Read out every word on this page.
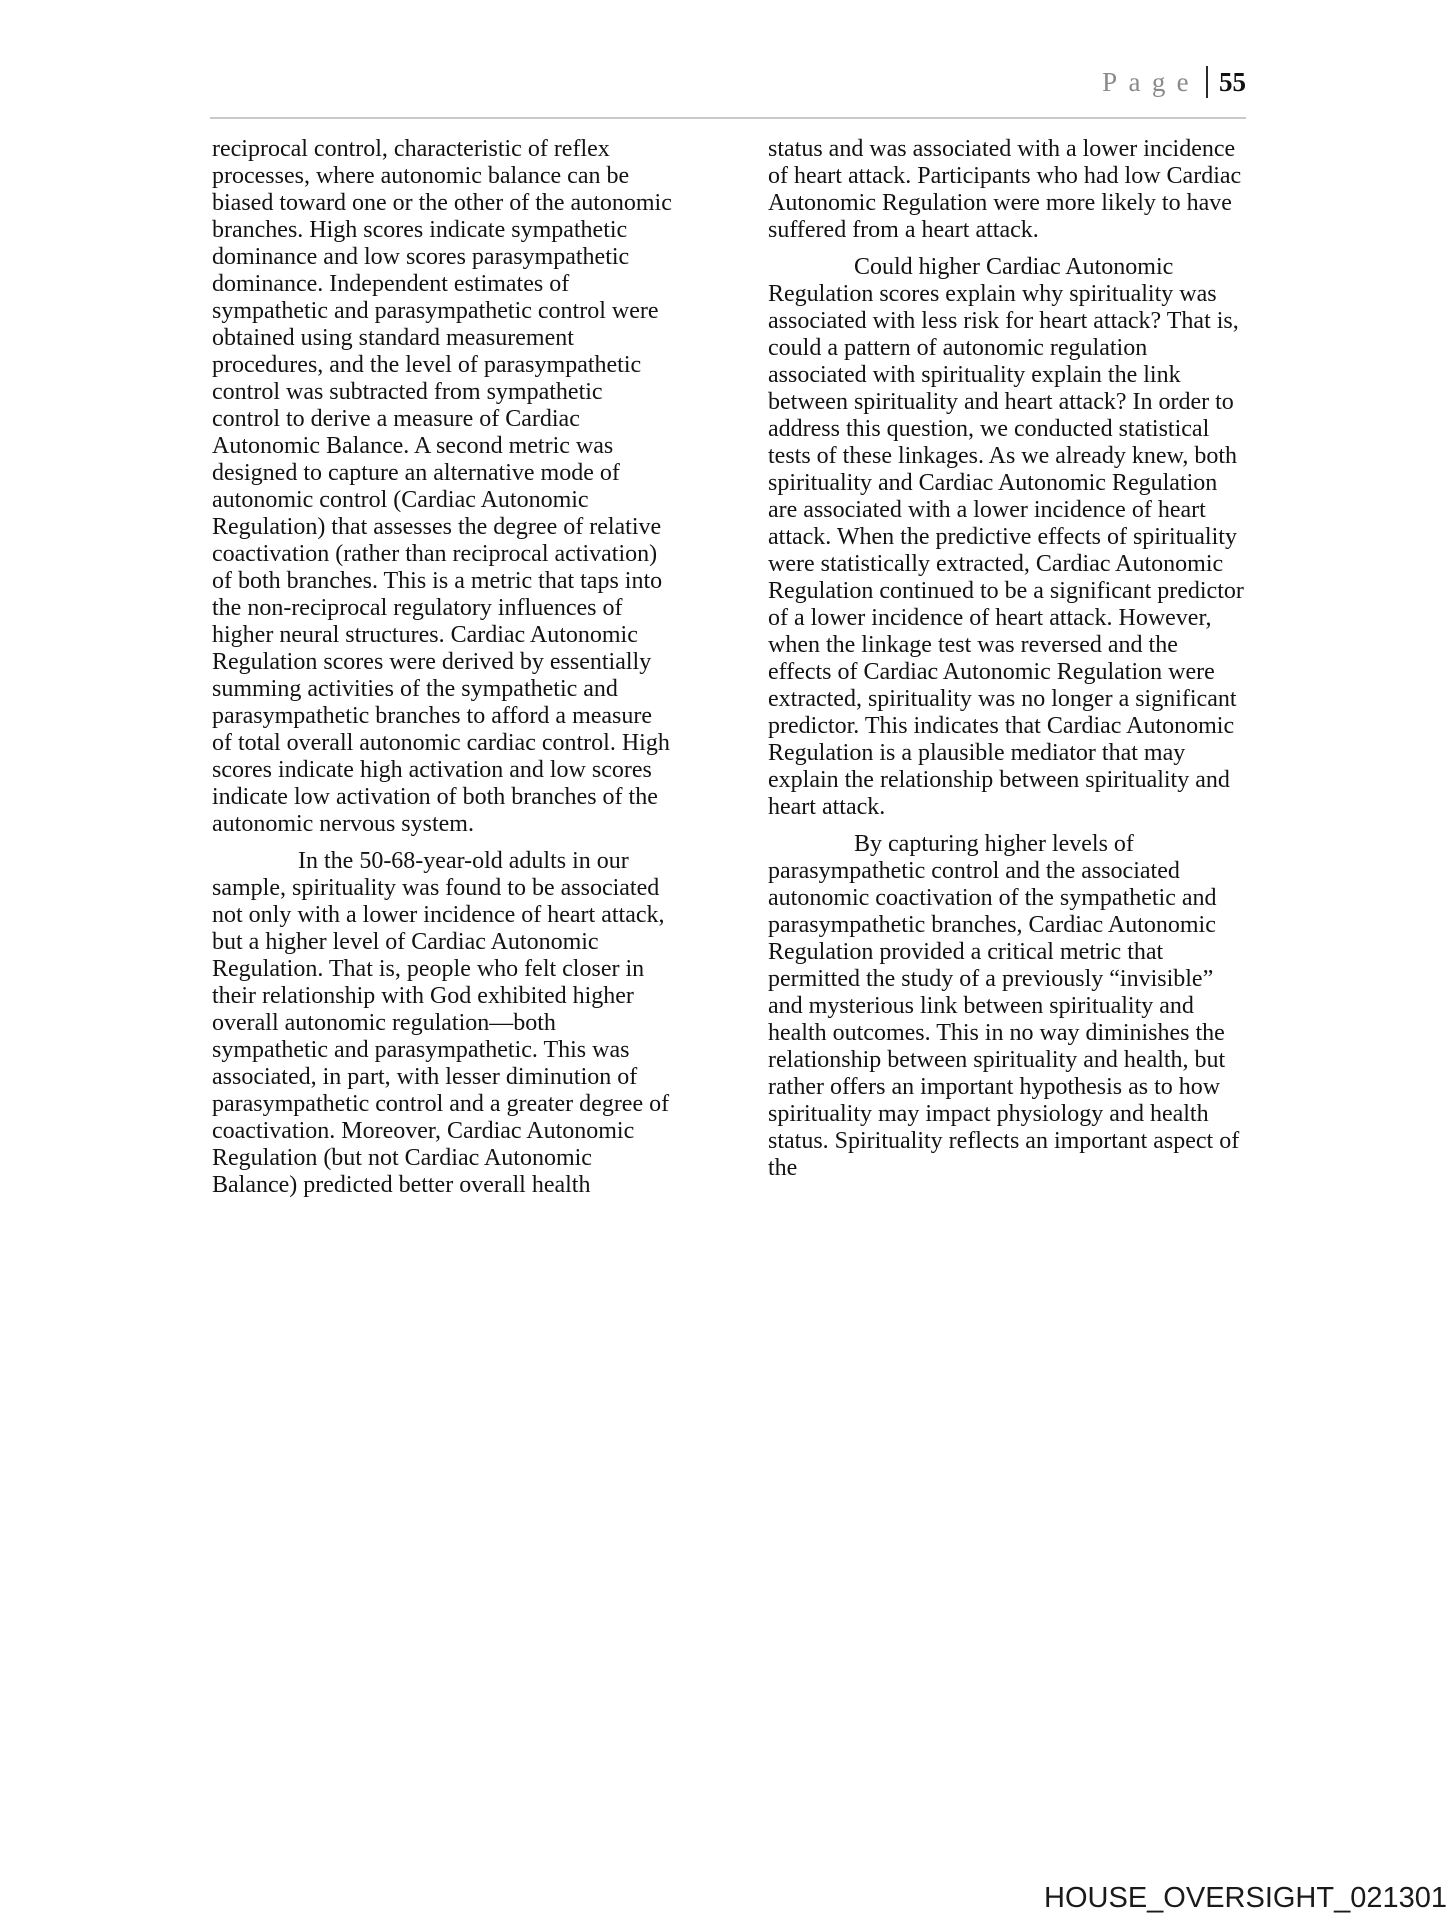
Page 55

reciprocal control, characteristic of reflex processes, where autonomic balance can be biased toward one or the other of the autonomic branches. High scores indicate sympathetic dominance and low scores parasympathetic dominance. Independent estimates of sympathetic and parasympathetic control were obtained using standard measurement procedures, and the level of parasympathetic control was subtracted from sympathetic control to derive a measure of Cardiac Autonomic Balance. A second metric was designed to capture an alternative mode of autonomic control (Cardiac Autonomic Regulation) that assesses the degree of relative coactivation (rather than reciprocal activation) of both branches. This is a metric that taps into the non-reciprocal regulatory influences of higher neural structures. Cardiac Autonomic Regulation scores were derived by essentially summing activities of the sympathetic and parasympathetic branches to afford a measure of total overall autonomic cardiac control. High scores indicate high activation and low scores indicate low activation of both branches of the autonomic nervous system.

In the 50-68-year-old adults in our sample, spirituality was found to be associated not only with a lower incidence of heart attack, but a higher level of Cardiac Autonomic Regulation. That is, people who felt closer in their relationship with God exhibited higher overall autonomic regulation—both sympathetic and parasympathetic. This was associated, in part, with lesser diminution of parasympathetic control and a greater degree of coactivation. Moreover, Cardiac Autonomic Regulation (but not Cardiac Autonomic Balance) predicted better overall health

status and was associated with a lower incidence of heart attack. Participants who had low Cardiac Autonomic Regulation were more likely to have suffered from a heart attack.

Could higher Cardiac Autonomic Regulation scores explain why spirituality was associated with less risk for heart attack? That is, could a pattern of autonomic regulation associated with spirituality explain the link between spirituality and heart attack? In order to address this question, we conducted statistical tests of these linkages. As we already knew, both spirituality and Cardiac Autonomic Regulation are associated with a lower incidence of heart attack. When the predictive effects of spirituality were statistically extracted, Cardiac Autonomic Regulation continued to be a significant predictor of a lower incidence of heart attack. However, when the linkage test was reversed and the effects of Cardiac Autonomic Regulation were extracted, spirituality was no longer a significant predictor. This indicates that Cardiac Autonomic Regulation is a plausible mediator that may explain the relationship between spirituality and heart attack.

By capturing higher levels of parasympathetic control and the associated autonomic coactivation of the sympathetic and parasympathetic branches, Cardiac Autonomic Regulation provided a critical metric that permitted the study of a previously “invisible” and mysterious link between spirituality and health outcomes. This in no way diminishes the relationship between spirituality and health, but rather offers an important hypothesis as to how spirituality may impact physiology and health status. Spirituality reflects an important aspect of the

HOUSE_OVERSIGHT_021301
